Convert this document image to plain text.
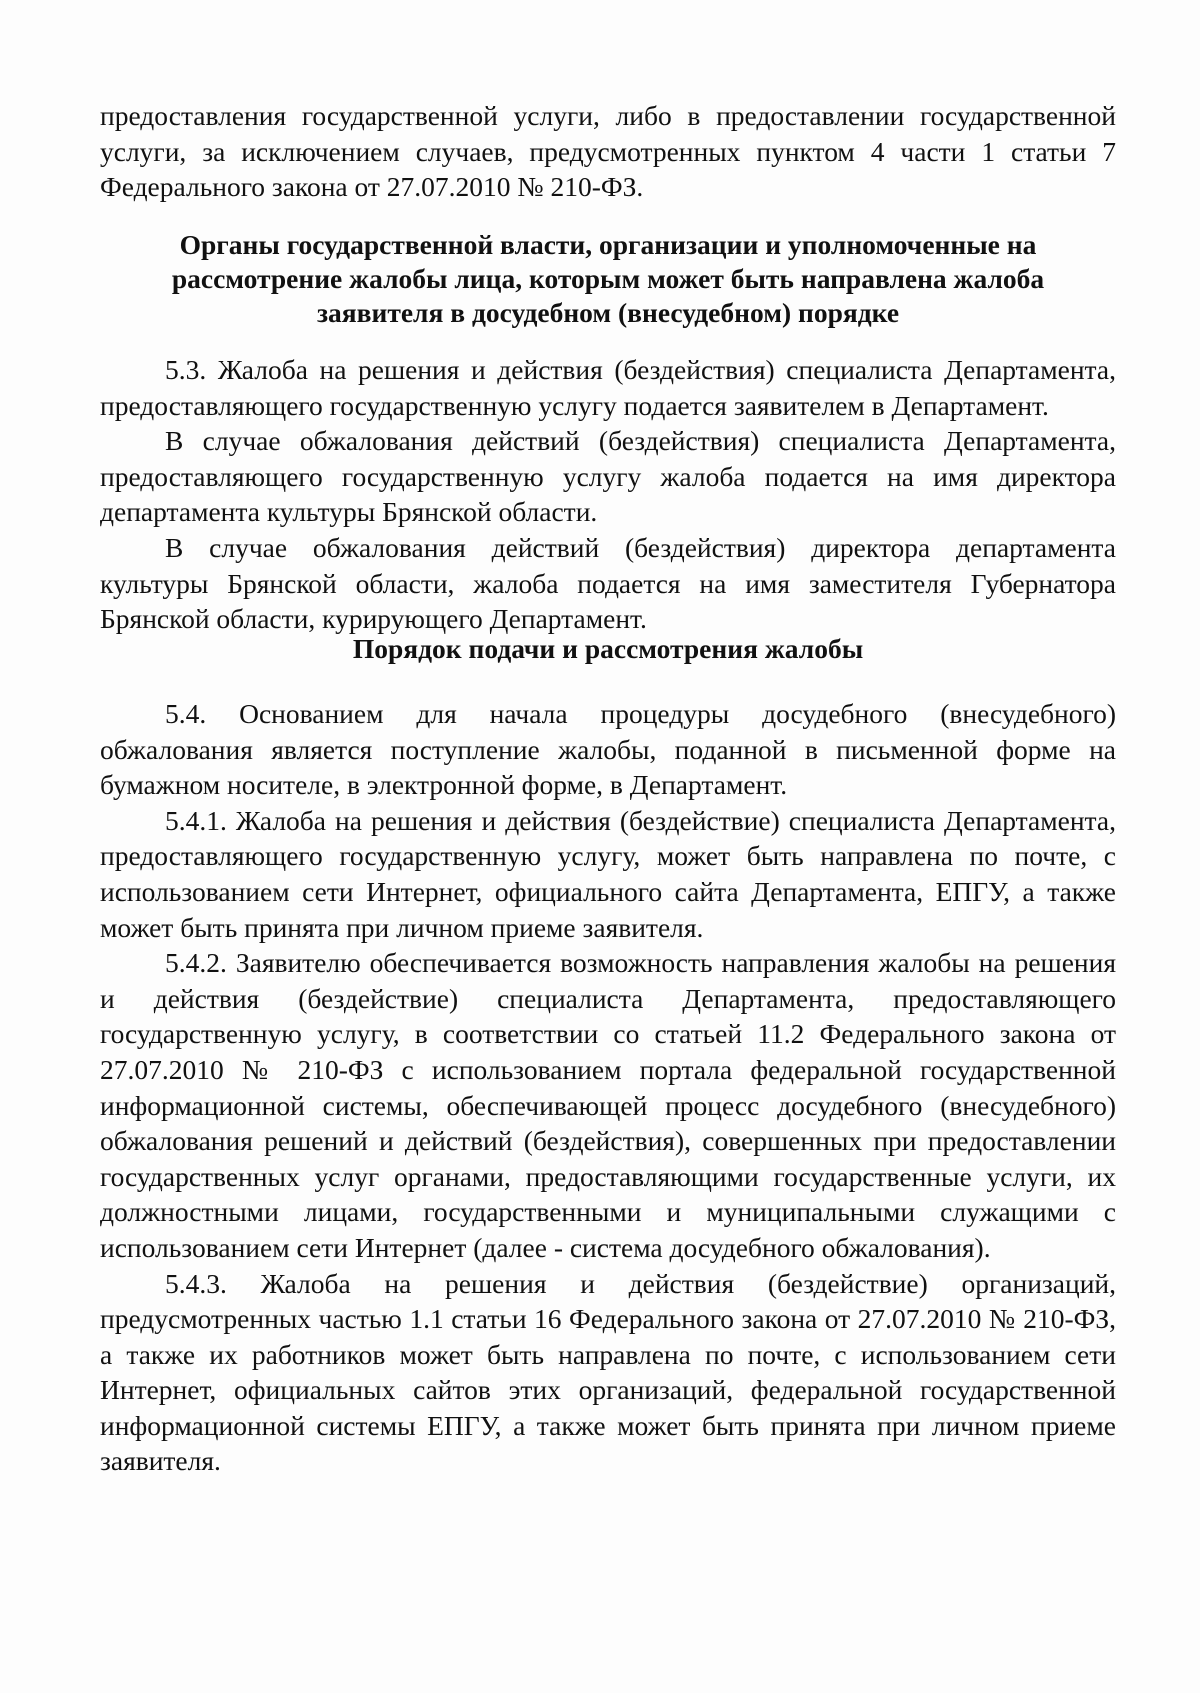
предоставления государственной услуги, либо в предоставлении государственной услуги, за исключением случаев, предусмотренных пунктом 4 части 1 статьи 7 Федерального закона от 27.07.2010 № 210-ФЗ.

Органы государственной власти, организации и уполномоченные на
рассмотрение жалобы лица, которым может быть направлена жалоба
заявителя в досудебном (внесудебном) порядке

5.3. Жалоба на решения и действия (бездействия) специалиста Департамента, предоставляющего государственную услугу подается заявителем в Департамент.

В случае обжалования действий (бездействия) специалиста Департамента, предоставляющего государственную услугу жалоба подается на имя директора департамента культуры Брянской области.

В случае обжалования действий (бездействия) директора департамента культуры Брянской области, жалоба подается на имя заместителя Губернатора Брянской области, курирующего Департамент.

Порядок подачи и рассмотрения жалобы

5.4. Основанием для начала процедуры досудебного (внесудебного) обжалования является поступление жалобы, поданной в письменной форме на бумажном носителе, в электронной форме, в Департамент.

5.4.1. Жалоба на решения и действия (бездействие) специалиста Департамента, предоставляющего государственную услугу, может быть направлена по почте, с использованием сети Интернет, официального сайта Департамента, ЕПГУ, а также может быть принята при личном приеме заявителя.

5.4.2. Заявителю обеспечивается возможность направления жалобы на решения и действия (бездействие) специалиста Департамента, предоставляющего государственную услугу, в соответствии со статьей 11.2 Федерального закона от 27.07.2010 № 210-ФЗ с использованием портала федеральной государственной информационной системы, обеспечивающей процесс досудебного (внесудебного) обжалования решений и действий (бездействия), совершенных при предоставлении государственных услуг органами, предоставляющими государственные услуги, их должностными лицами, государственными и муниципальными служащими с использованием сети Интернет (далее - система досудебного обжалования).

5.4.3. Жалоба на решения и действия (бездействие) организаций, предусмотренных частью 1.1 статьи 16 Федерального закона от 27.07.2010 № 210-ФЗ, а также их работников может быть направлена по почте, с использованием сети Интернет, официальных сайтов этих организаций, федеральной государственной информационной системы ЕПГУ, а также может быть принята при личном приеме заявителя.
